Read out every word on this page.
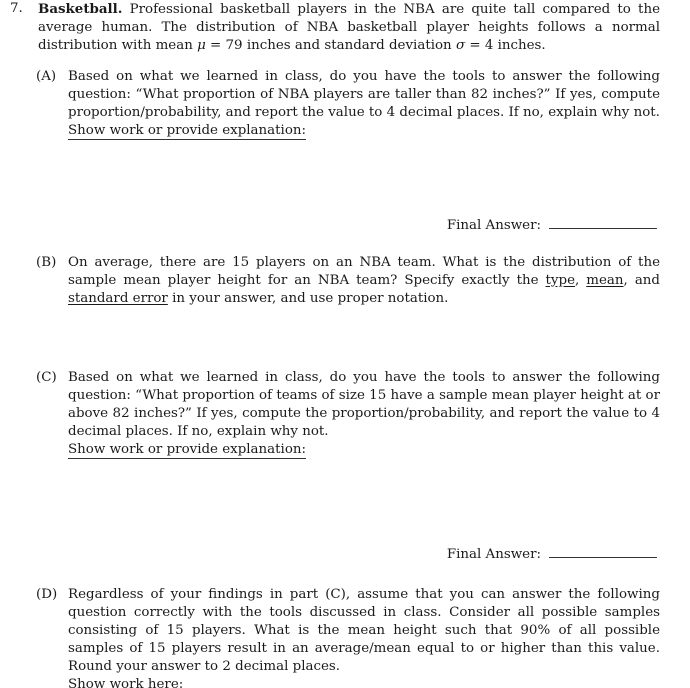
7. Basketball. Professional basketball players in the NBA are quite tall compared to the average human. The distribution of NBA basketball player heights follows a normal distribution with mean μ = 79 inches and standard deviation σ = 4 inches.
(A) Based on what we learned in class, do you have the tools to answer the following question: “What proportion of NBA players are taller than 82 inches?” If yes, compute proportion/probability, and report the value to 4 decimal places. If no, explain why not.
Show work or provide explanation:
Final Answer:
(B) On average, there are 15 players on an NBA team. What is the distribution of the sample mean player height for an NBA team? Specify exactly the type, mean, and standard error in your answer, and use proper notation.
(C) Based on what we learned in class, do you have the tools to answer the following question: “What proportion of teams of size 15 have a sample mean player height at or above 82 inches?” If yes, compute the proportion/probability, and report the value to 4 decimal places. If no, explain why not.
Show work or provide explanation:
Final Answer:
(D) Regardless of your findings in part (C), assume that you can answer the following question correctly with the tools discussed in class. Consider all possible samples consisting of 15 players. What is the mean height such that 90% of all possible samples of 15 players result in an average/mean equal to or higher than this value. Round your answer to 2 decimal places.
Show work here:
